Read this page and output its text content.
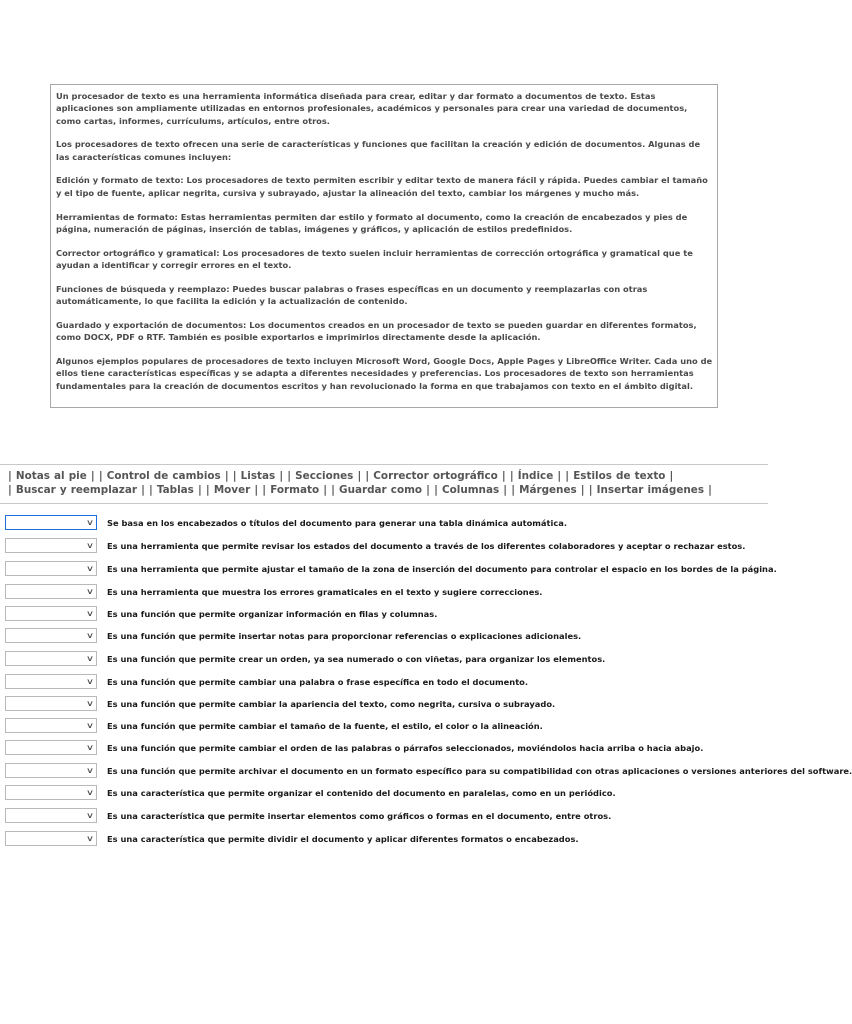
Un procesador de texto es una herramienta informática diseñada para crear, editar y dar formato a documentos de texto. Estas aplicaciones son ampliamente utilizadas en entornos profesionales, académicos y personales para crear una variedad de documentos, como cartas, informes, currículums, artículos, entre otros.

Los procesadores de texto ofrecen una serie de características y funciones que facilitan la creación y edición de documentos. Algunas de las características comunes incluyen:

Edición y formato de texto: Los procesadores de texto permiten escribir y editar texto de manera fácil y rápida. Puedes cambiar el tamaño y el tipo de fuente, aplicar negrita, cursiva y subrayado, ajustar la alineación del texto, cambiar los márgenes y mucho más.

Herramientas de formato: Estas herramientas permiten dar estilo y formato al documento, como la creación de encabezados y pies de página, numeración de páginas, inserción de tablas, imágenes y gráficos, y aplicación de estilos predefinidos.

Corrector ortográfico y gramatical: Los procesadores de texto suelen incluir herramientas de corrección ortográfica y gramatical que te ayudan a identificar y corregir errores en el texto.

Funciones de búsqueda y reemplazo: Puedes buscar palabras o frases específicas en un documento y reemplazarlas con otras automáticamente, lo que facilita la edición y la actualización de contenido.

Guardado y exportación de documentos: Los documentos creados en un procesador de texto se pueden guardar en diferentes formatos, como DOCX, PDF o RTF. También es posible exportarlos e imprimirlos directamente desde la aplicación.

Algunos ejemplos populares de procesadores de texto incluyen Microsoft Word, Google Docs, Apple Pages y LibreOffice Writer. Cada uno de ellos tiene características específicas y se adapta a diferentes necesidades y preferencias. Los procesadores de texto son herramientas fundamentales para la creación de documentos escritos y han revolucionado la forma en que trabajamos con texto en el ámbito digital.

| Notas al pie | | Control de cambios | | Listas | | Secciones | | Corrector ortográfico | | Índice | | Estilos de texto | | Buscar y reemplazar | | Tablas | | Mover | | Formato | | Guardar como | | Columnas | | Márgenes | | Insertar imágenes |
∨ Se basa en los encabezados o títulos del documento para generar una tabla dinámica automática.
∨ Es una herramienta que permite revisar los estados del documento a través de los diferentes colaboradores y aceptar o rechazar estos.
∨ Es una herramienta que permite ajustar el tamaño de la zona de inserción del documento para controlar el espacio en los bordes de la página.
∨ Es una herramienta que muestra los errores gramaticales en el texto y sugiere correcciones.
∨ Es una función que permite organizar información en filas y columnas.
∨ Es una función que permite insertar notas para proporcionar referencias o explicaciones adicionales.
∨ Es una función que permite crear un orden, ya sea numerado o con viñetas, para organizar los elementos.
∨ Es una función que permite cambiar una palabra o frase específica en todo el documento.
∨ Es una función que permite cambiar la apariencia del texto, como negrita, cursiva o subrayado.
∨ Es una función que permite cambiar el tamaño de la fuente, el estilo, el color o la alineación.
∨ Es una función que permite cambiar el orden de las palabras o párrafos seleccionados, moviéndolos hacia arriba o hacia abajo.
∨ Es una función que permite archivar el documento en un formato específico para su compatibilidad con otras aplicaciones o versiones anteriores del software.
∨ Es una característica que permite organizar el contenido del documento en paralelas, como en un periódico.
∨ Es una característica que permite insertar elementos como gráficos o formas en el documento, entre otros.
∨ Es una característica que permite dividir el documento y aplicar diferentes formatos o encabezados.
